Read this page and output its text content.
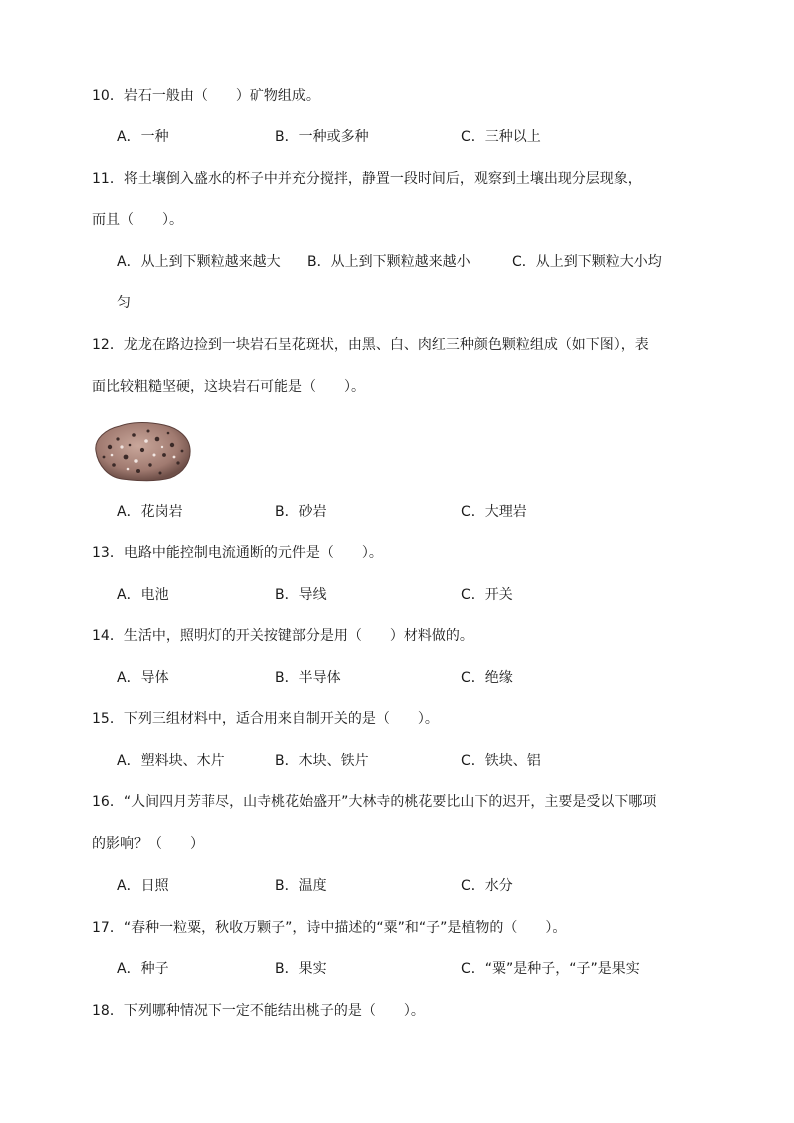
10．岩石一般由（　　）矿物组成。
A．一种	B．一种或多种	C．三种以上
11．将土壤倒入盛水的杯子中并充分搅拌，静置一段时间后，观察到土壤出现分层现象，
而且（　　）。
A．从上到下颗粒越来越大 B．从上到下颗粒越来越小	C．从上到下颗粒大小均
匀
12．龙龙在路边捡到一块岩石呈花斑状，由黑、白、肉红三种颜色颗粒组成（如下图），表
面比较粗糙坚硬，这块岩石可能是（　　）。
A．花岗岩	B．砂岩	C．大理岩
13．电路中能控制电流通断的元件是（　　）。
A．电池	B．导线	C．开关
14．生活中，照明灯的开关按键部分是用（　　）材料做的。
A．导体	B．半导体	C．绝缘
15．下列三组材料中，适合用来自制开关的是（　　）。
A．塑料块、木片	B．木块、铁片	C．铁块、铝
16．“人间四月芳菲尽，山寺桃花始盛开”大林寺的桃花要比山下的迟开，主要是受以下哪项
的影响？（　　）
A．日照	B．温度	C．水分
17．“春种一粒粟，秋收万颗子”，诗中描述的“粟”和“子”是植物的（　　）。
A．种子	B．果实	C．“粟”是种子，“子”是果实
18．下列哪种情况下一定不能结出桃子的是（　　）。
